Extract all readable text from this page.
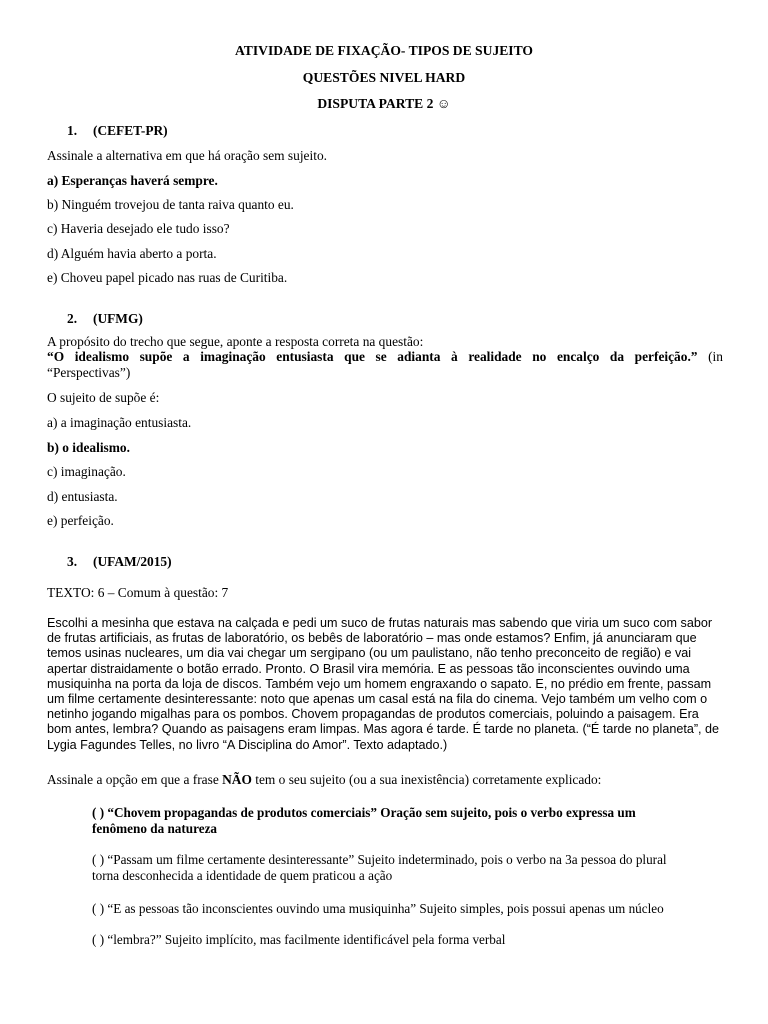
ATIVIDADE DE FIXAÇÃO- TIPOS DE SUJEITO
QUESTÕES NIVEL HARD
DISPUTA PARTE 2 ☺
1. (CEFET-PR)
Assinale a alternativa em que há oração sem sujeito.
a) Esperanças haverá sempre.
b) Ninguém trovejou de tanta raiva quanto eu.
c) Haveria desejado ele tudo isso?
d) Alguém havia aberto a porta.
e) Choveu papel picado nas ruas de Curitiba.
2. (UFMG)
A propósito do trecho que segue, aponte a resposta correta na questão:
“O idealismo supõe a imaginação entusiasta que se adianta à realidade no encalço da perfeição.” (in
“Perspectivas”)
O sujeito de supõe é:
a) a imaginação entusiasta.
b) o idealismo.
c) imaginação.
d) entusiasta.
e) perfeição.
3. (UFAM/2015)
TEXTO: 6 – Comum à questão: 7

Escolhi a mesinha que estava na calçada e pedi um suco de frutas naturais mas sabendo que viria um suco com sabor

de frutas artificiais, as frutas de laboratório, os bebês de laboratório – mas onde estamos? Enfim, já anunciaram que

temos usinas nucleares, um dia vai chegar um sergipano (ou um paulistano, não tenho preconceito de região) e vai

apertar distraidamente o botão errado. Pronto. O Brasil vira memória. E as pessoas tão inconscientes ouvindo uma

musiquinha na porta da loja de discos. Também vejo um homem engraxando o sapato. E, no prédio em frente, passam

um filme certamente desinteressante: noto que apenas um casal está na fila do cinema. Vejo também um velho com o

netinho jogando migalhas para os pombos. Chovem propagandas de produtos comerciais, poluindo a paisagem. Era

bom antes, lembra? Quando as paisagens eram limpas. Mas agora é tarde. É tarde no planeta. (“É tarde no planeta”, de

Lygia Fagundes Telles, no livro “A Disciplina do Amor”. Texto adaptado.)

Assinale a opção em que a frase NÃO tem o seu sujeito (ou a sua inexistência) corretamente explicado:

( ) “Chovem propagandas de produtos comerciais” Oração sem sujeito, pois o verbo expressa um

fenômeno da natureza

( ) “Passam um filme certamente desinteressante” Sujeito indeterminado, pois o verbo na 3a pessoa do plural

torna desconhecida a identidade de quem praticou a ação

( ) “E as pessoas tão inconscientes ouvindo uma musiquinha” Sujeito simples, pois possui apenas um núcleo

( ) “lembra?” Sujeito implícito, mas facilmente identificável pela forma verbal
